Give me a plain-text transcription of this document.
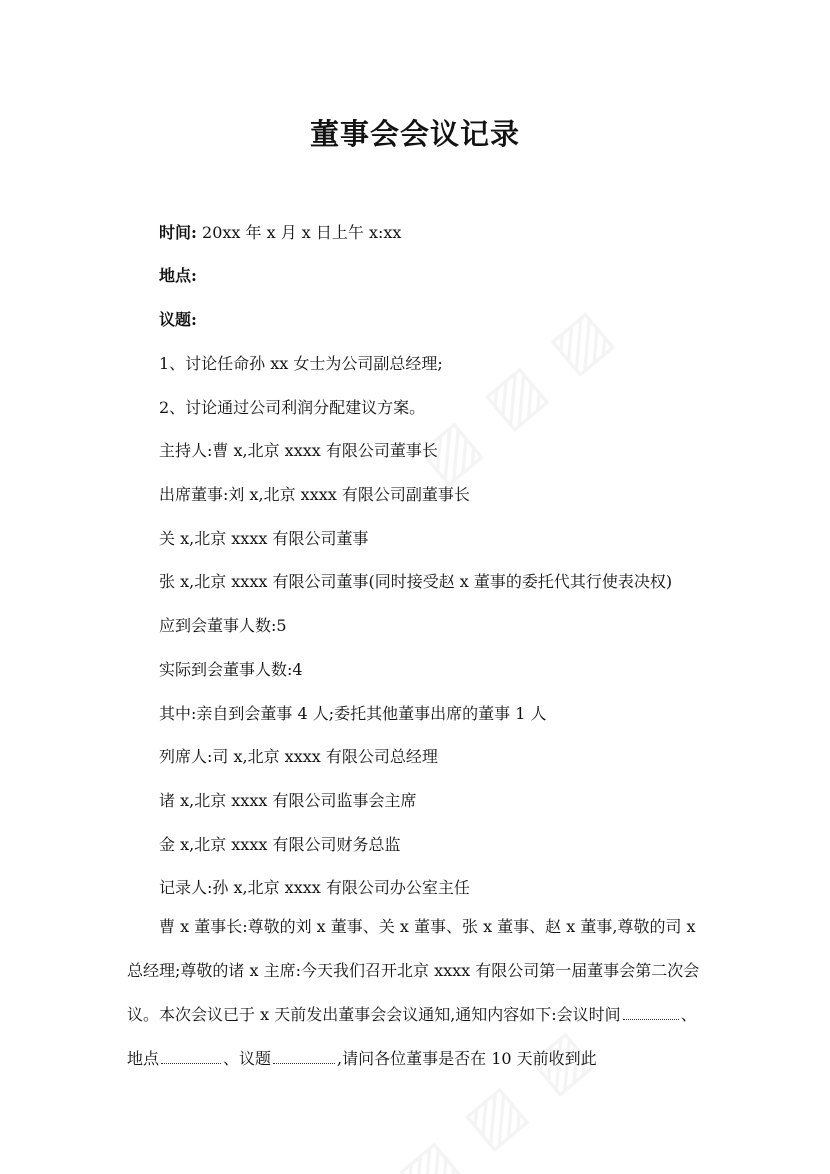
董事会会议记录
时间: 20xx 年 x 月 x 日上午 x:xx
地点:
议题:
1、讨论任命孙 xx 女士为公司副总经理;
2、讨论通过公司利润分配建议方案。
主持人:曹 x,北京 xxxx 有限公司董事长
出席董事:刘 x,北京 xxxx 有限公司副董事长
关 x,北京 xxxx 有限公司董事
张 x,北京 xxxx 有限公司董事(同时接受赵 x 董事的委托代其行使表决权)
应到会董事人数:5
实际到会董事人数:4
其中:亲自到会董事 4 人;委托其他董事出席的董事 1 人
列席人:司 x,北京 xxxx 有限公司总经理
诸 x,北京 xxxx 有限公司监事会主席
金 x,北京 xxxx 有限公司财务总监
记录人:孙 x,北京 xxxx 有限公司办公室主任
曹 x 董事长:尊敬的刘 x 董事、关 x 董事、张 x 董事、赵 x 董事,尊敬的司 x 总经理;尊敬的诸 x 主席:今天我们召开北京 xxxx 有限公司第一届董事会第二次会议。本次会议已于 x 天前发出董事会会议通知,通知内容如下:会议时间	、地点	、议题	,请问各位董事是否在 10 天前收到此
